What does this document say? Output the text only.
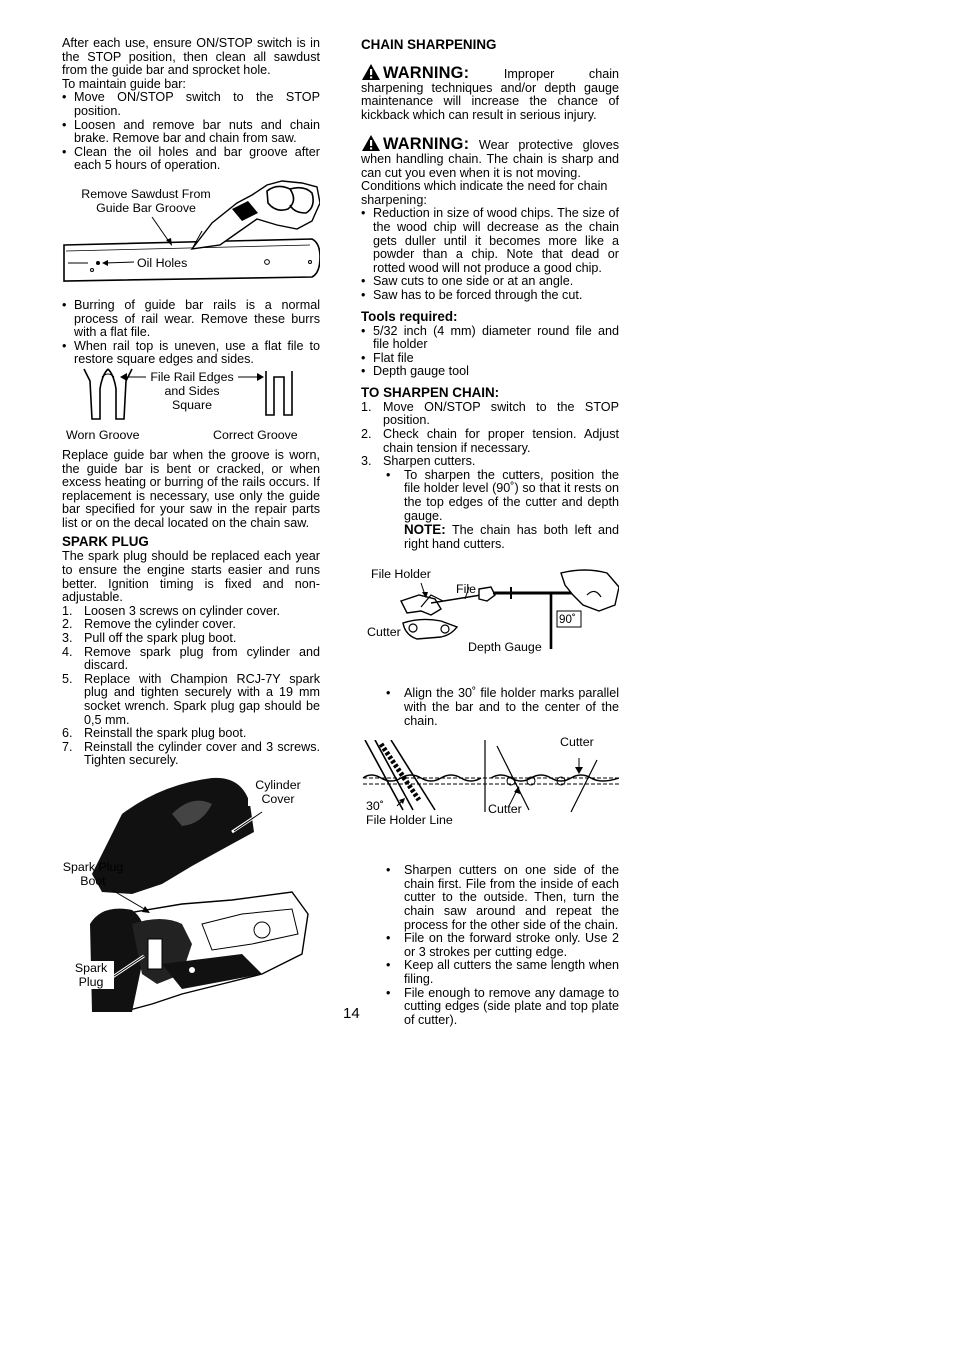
After each use, ensure ON/STOP switch is in the STOP position, then clean all sawdust from the guide bar and sprocket hole.

To maintain guide bar:

• Move ON/STOP switch to the STOP position.
• Loosen and remove bar nuts and chain brake. Remove bar and chain from saw.
• Clean the oil holes and bar groove after each 5 hours of operation.
Remove Sawdust From Guide Bar Groove
Oil Holes
• Burring of guide bar rails is a normal process of rail wear. Remove these burrs with a flat file.
• When rail top is uneven, use a flat file to restore square edges and sides.
File Rail Edges and Sides Square
Worn Groove	Correct Groove

Replace guide bar when the groove is worn, the guide bar is bent or cracked, or when excess heating or burring of the rails occurs. If replacement is necessary, use only the guide bar specified for your saw in the repair parts list or on the decal located on the chain saw.

SPARK PLUG

The spark plug should be replaced each year to ensure the engine starts easier and runs better. Ignition timing is fixed and non-adjustable.

1. Loosen 3 screws on cylinder cover.
2. Remove the cylinder cover.
3. Pull off the spark plug boot.
4. Remove spark plug from cylinder and discard.
5. Replace with Champion RCJ-7Y spark plug and tighten securely with a 19 mm socket wrench. Spark plug gap should be 0,5 mm.
6. Reinstall the spark plug boot.
7. Reinstall the cylinder cover and 3 screws. Tighten securely.
Cylinder Cover
Spark Plug Boot
Spark Plug
CHAIN SHARPENING

WARNING:	Improper chain sharpening techniques and/or depth gauge maintenance will increase the chance of kickback which can result in serious injury.

WARNING: Wear protective gloves when handling chain. The chain is sharp and can cut you even when it is not moving.

Conditions which indicate the need for chain sharpening:

• Reduction in size of wood chips. The size of the wood chip will decrease as the chain gets duller until it becomes more like a powder than a chip. Note that dead or rotted wood will not produce a good chip.
• Saw cuts to one side or at an angle.
• Saw has to be forced through the cut.
Tools required:
• 5/32 inch (4 mm) diameter round file and file holder
• Flat file
• Depth gauge tool
TO SHARPEN CHAIN:
1. Move ON/STOP switch to the STOP position.
2. Check chain for proper tension. Adjust chain tension if necessary.
3. Sharpen cutters.
• To sharpen the cutters, position the file holder level (90˚) so that it rests on the top edges of the cutter and depth gauge.
NOTE: The chain has both left and right hand cutters.
File Holder
File
Cutter
Depth Gauge
90˚
• Align the 30˚ file holder marks parallel with the bar and to the center of the chain.
Cutter
30˚
File Holder Line
Cutter
• Sharpen cutters on one side of the chain first. File from the inside of each cutter to the outside. Then, turn the chain saw around and repeat the process for the other side of the chain.
• File on the forward stroke only. Use 2 or 3 strokes per cutting edge.
• Keep all cutters the same length when filing.
• File enough to remove any damage to cutting edges (side plate and top plate of cutter).
14
